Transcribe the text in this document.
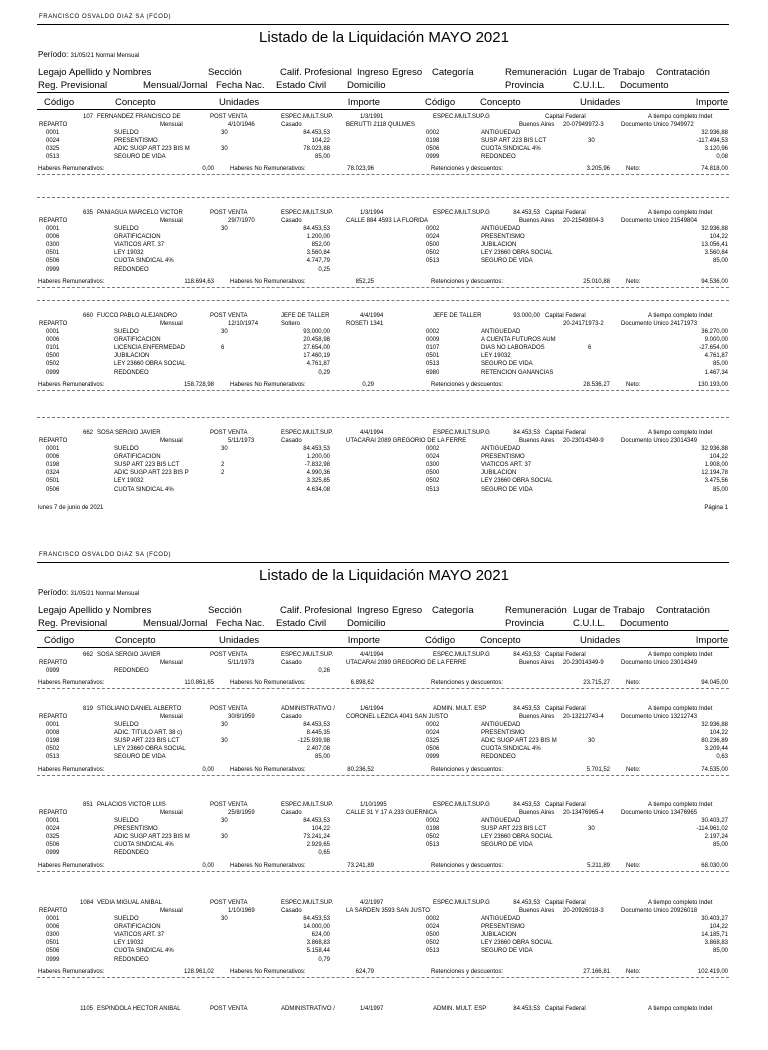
FRANCISCO OSVALDO DIAZ SA (FCOD)
Listado de la Liquidación MAYO 2021
Período: 31/05/21 Normal Mensual
Legajo Apellido y Nombres	Sección	Calif. Profesional Ingreso Egreso Categoría	Remuneración Lugar de Trabajo Contratación
Reg. Previsional	Mensual/Jornal Fecha Nac. Estado Civil Domicilio	Provincia	C.U.I.L. Documento
Código	Concepto	Unidades	Importe	Código	Concepto	Unidades	Importe
107 FERNANDEZ FRANCISCO DE	POST VENTA	ESPEC.MULT.SUP.	1/3/1991	ESPEC.MULT.SUP.G	Capital Federal	A tiempo completo Indet
REPARTO	Mensual	4/10/1946	Casado	BERUTTI 2118 QUILMES	Buenos Aires 20-07949972-3	Documento Unico 7949972
0001	SUELDO	30	84.453,53	0002	ANTIGUEDAD	32.936,88
0024	PRESENTISMO	104,22	0198	SUSP ART 223 BIS LCT	30	-117.494,53
0325	ADIC SUGP ART 223 BIS M	30	78.023,88	0506	CUOTA SINDICAL 4%	3.120,96
0513	SEGURO DE VIDA	85,00	0999	REDONDEO	0,08
Haberes Remunerativos:	0,00	Haberes No Remunerativos:	78.023,96	Retenciones y descuentos:	3.205,96	Neto:	74.818,00
635 PANIAGUA MARCELO VICTOR	POST VENTA	ESPEC.MULT.SUP.	1/3/1994	ESPEC.MULT.SUP.G	84.453,53 Capital Federal	A tiempo completo Indet
REPARTO	Mensual	29/7/1970	Casado	CALLE 884 4593 LA FLORIDA	Buenos Aires 20-21549804-3	Documento Unico 21549804
0001	SUELDO	30	84.453,53	0002	ANTIGUEDAD	32.936,88
0006	GRATIFICACION	1.200,00	0024	PRESENTISMO	104,22
0300	VIATICOS ART. 37	852,00	0500	JUBILACION	13.056,41
0501	LEY 19032	3.560,84	0502	LEY 23660 OBRA SOCIAL	3.560,84
0506	CUOTA SINDICAL 4%	4.747,79	0513	SEGURO DE VIDA	85,00
0999	REDONDEO	0,25
Haberes Remunerativos:	118.694,63	Haberes No Remunerativos:	852,25	Retenciones y descuentos:	25.010,88	Neto:	94.536,00
660 FUCCO PABLO ALEJANDRO	POST VENTA	JEFE DE TALLER	4/4/1994	JEFE DE TALLER	93.000,00 Capital Federal	A tiempo completo Indet
REPARTO	Mensual	12/10/1974	Soltero	ROSETI 1341	20-24171973-2	Documento Unico 24171973
0001	SUELDO	30	93.000,00	0002	ANTIGUEDAD	36.270,00
0006	GRATIFICACION	20.458,98	0009	A CUENTA FUTUROS AUM	9.000,00
0101	LICENCIA ENFERMEDAD	6	27.654,00	0107	DIAS NO LABORADOS	6	-27.654,00
0500	JUBILACION	17.460,19	0501	LEY 19032	4.761,87
0502	LEY 23660 OBRA SOCIAL	4.761,87	0513	SEGURO DE VIDA	85,00
0999	REDONDEO	0,29	6980	RETENCION GANANCIAS	1.467,34
Haberes Remunerativos:	158.728,98	Haberes No Remunerativos:	0,29	Retenciones y descuentos:	28.536,27	Neto:	130.193,00
662 SOSA SERGIO JAVIER	POST VENTA	ESPEC.MULT.SUP.	4/4/1994	ESPEC.MULT.SUP.G	84.453,53 Capital Federal	A tiempo completo Indet
REPARTO	Mensual	5/11/1973	Casado	UTACARAI 2089 GREGORIO DE LA FERRE	Buenos Aires 20-23014349-9	Documento Unico 23014349
0001	SUELDO	30	84.453,53	0002	ANTIGUEDAD	32.936,88
0006	GRATIFICACION	1.200,00	0024	PRESENTISMO	104,22
0198	SUSP ART 223 BIS LCT	2	-7.832,98	0300	VIATICOS ART. 37	1.908,00
0324	ADIC SUGP ART 223 BIS P	2	4.990,36	0500	JUBILACION	12.194,78
0501	LEY 19032	3.325,85	0502	LEY 23660 OBRA SOCIAL	3.475,56
0506	CUOTA SINDICAL 4%	4.634,08	0513	SEGURO DE VIDA	85,00
lunes 7 de junio de 2021	Página 1
FRANCISCO OSVALDO DIAZ SA (FCOD)
Listado de la Liquidación MAYO 2021
Período: 31/05/21 Normal Mensual
Legajo Apellido y Nombres	Sección	Calif. Profesional Ingreso Egreso Categoría	Remuneración Lugar de Trabajo Contratación
Reg. Previsional	Mensual/Jornal Fecha Nac. Estado Civil Domicilio	Provincia	C.U.I.L. Documento
Código	Concepto	Unidades	Importe	Código	Concepto	Unidades	Importe
662 SOSA SERGIO JAVIER	POST VENTA	ESPEC.MULT.SUP.	4/4/1994	ESPEC.MULT.SUP.G	84.453,53 Capital Federal	A tiempo completo Indet
REPARTO	Mensual	5/11/1973	Casado	UTACARAI 2089 GREGORIO DE LA FERRE	Buenos Aires 20-23014349-9	Documento Unico 23014349
0999	REDONDEO	0,26
Haberes Remunerativos:	110.861,65	Haberes No Remunerativos:	6.898,62	Retenciones y descuentos:	23.715,27	Neto:	94.045,00
819 STIGLIANO DANIEL ALBERTO	POST VENTA	ADMINISTRATIVO /	1/6/1994	ADMIN. MULT. ESP	84.453,53 Capital Federal	A tiempo completo Indet
REPARTO	Mensual	30/8/1959	Casado	CORONEL LEZICA 4041 SAN JUSTO	Buenos Aires 20-13212743-4	Documento Unico 13212743
0001	SUELDO	30	84.453,53	0002	ANTIGUEDAD	32.936,88
0008	ADIC. TITULO ART. 38 c)	8.445,35	0024	PRESENTISMO	104,22
0198	SUSP ART 223 BIS LCT	30	-125.939,98	0325	ADIC SUGP ART 223 BIS M	30	80.236,89
0502	LEY 23660 OBRA SOCIAL	2.407,08	0506	CUOTA SINDICAL 4%	3.209,44
0513	SEGURO DE VIDA	85,00	0999	REDONDEO	0,63
Haberes Remunerativos:	0,00	Haberes No Remunerativos:	80.236,52	Retenciones y descuentos:	5.701,52	Neto:	74.535,00
851 PALACIOS VICTOR LUIS	POST VENTA	ESPEC.MULT.SUP.	1/10/1995	ESPEC.MULT.SUP.G	84.453,53 Capital Federal	A tiempo completo Indet
REPARTO	Mensual	25/8/1959	Casado	CALLE 31 Y 17 A 233 GUERNICA	Buenos Aires 20-13476965-4	Documento Unico 13476965
0001	SUELDO	30	84.453,53	0002	ANTIGUEDAD	30.403,27
0024	PRESENTISMO	104,22	0198	SUSP ART 223 BIS LCT	30	-114.961,02
0325	ADIC SUGP ART 223 BIS M	30	73.241,24	0502	LEY 23660 OBRA SOCIAL	2.197,24
0506	CUOTA SINDICAL 4%	2.929,65	0513	SEGURO DE VIDA	85,00
0999	REDONDEO	0,65
Haberes Remunerativos:	0,00	Haberes No Remunerativos:	73.241,89	Retenciones y descuentos:	5.211,89	Neto:	68.030,00
1084 VEDIA MIGUAL ANIBAL	POST VENTA	ESPEC.MULT.SUP.	4/2/1997	ESPEC.MULT.SUP.G	84.453,53 Capital Federal	A tiempo completo Indet
REPARTO	Mensual	1/10/1969	Casado	LA SARDEN 3593 SAN JUSTO	Buenos Aires 20-20926018-3	Documento Unico 20926018
0001	SUELDO	30	84.453,53	0002	ANTIGUEDAD	30.403,27
0006	GRATIFICACION	14.000,00	0024	PRESENTISMO	104,22
0300	VIATICOS ART. 37	624,00	0500	JUBILACION	14.185,71
0501	LEY 19032	3.868,83	0502	LEY 23660 OBRA SOCIAL	3.868,83
0506	CUOTA SINDICAL 4%	5.158,44	0513	SEGURO DE VIDA	85,00
0999	REDONDEO	0,79
Haberes Remunerativos:	128.961,02	Haberes No Remunerativos:	624,79	Retenciones y descuentos:	27.166,81	Neto:	102.419,00
1105 ESPINDOLA HECTOR ANIBAL	POST VENTA	ADMINISTRATIVO /	1/4/1997	ADMIN. MULT. ESP	84.453,53 Capital Federal	A tiempo completo Indet
